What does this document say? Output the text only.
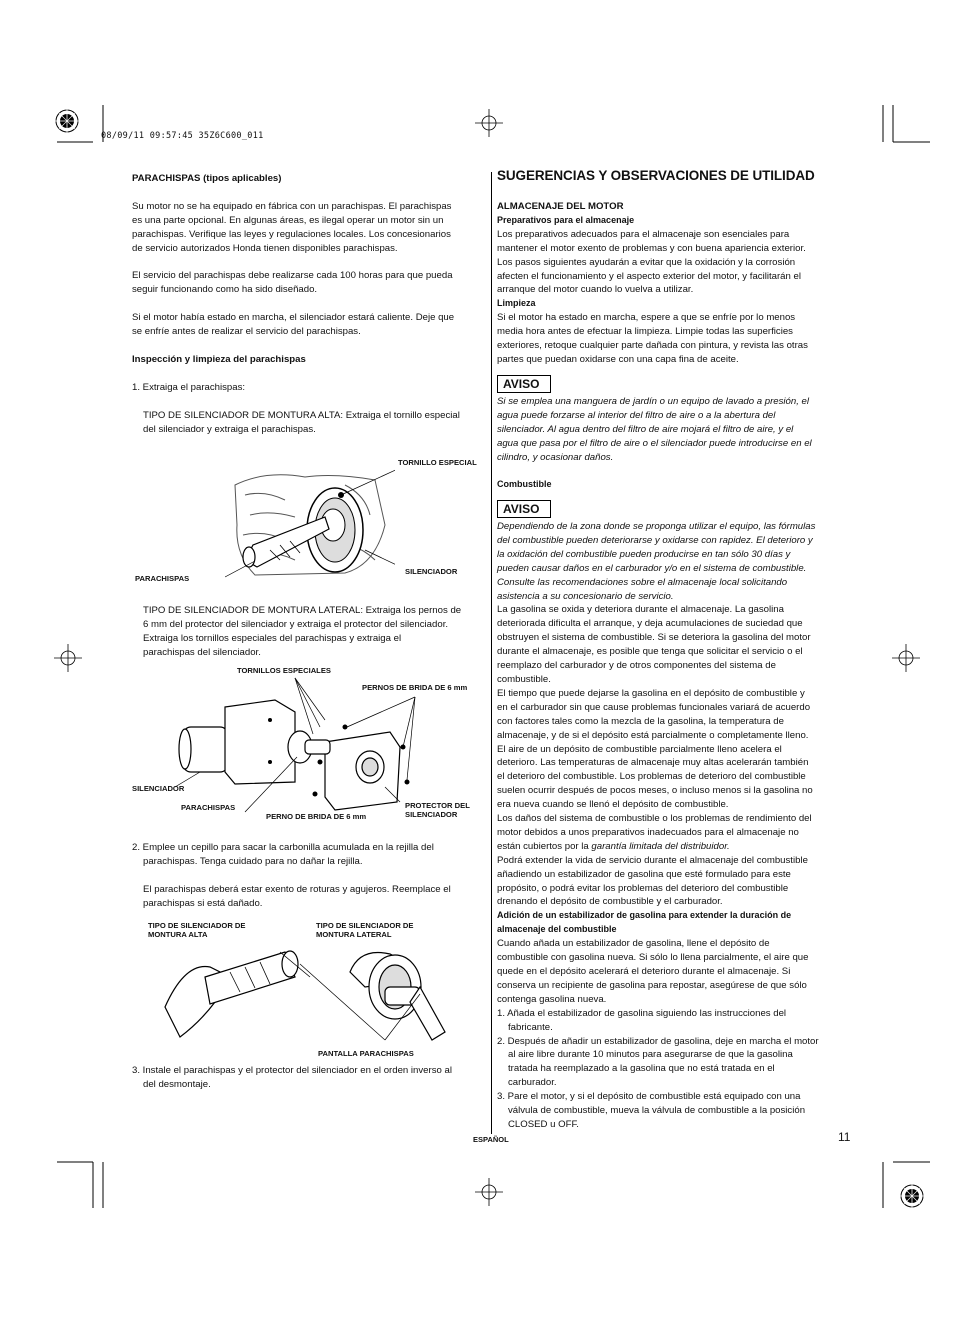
08/09/11 09:57:45 35Z6C600_011

PARACHISPAS (tipos aplicables)

Su motor no se ha equipado en fábrica con un parachispas. El parachispas

es una parte opcional. En algunas áreas, es ilegal operar un motor sin un

parachispas. Verifique las leyes y regulaciones locales. Los concesionarios

de servicio autorizados Honda tienen disponibles parachispas.

El servicio del parachispas debe realizarse cada 100 horas para que pueda

seguir funcionando como ha sido diseñado.

Si el motor había estado en marcha, el silenciador estará caliente. Deje que

se enfríe antes de realizar el servicio del parachispas.

Inspección y limpieza del parachispas
1. Extraiga el parachispas:

TIPO DE SILENCIADOR DE MONTURA ALTA: Extraiga el tornillo especial

del silenciador y extraiga el parachispas.

TORNILLO ESPECIAL
PARACHISPAS
SILENCIADOR

TIPO DE SILENCIADOR DE MONTURA LATERAL: Extraiga los pernos de

6 mm del protector del silenciador y extraiga el protector del silenciador.

Extraiga los tornillos especiales del parachispas y extraiga el

parachispas del silenciador.

TORNILLOS ESPECIALES
PERNOS DE BRIDA DE 6 mm
SILENCIADOR
PARACHISPAS
PERNO DE BRIDA DE 6 mm
PROTECTOR DEL
SILENCIADOR

2. Emplee un cepillo para sacar la carbonilla acumulada en la rejilla del

parachispas. Tenga cuidado para no dañar la rejilla.

El parachispas deberá estar exento de roturas y agujeros. Reemplace el

parachispas si está dañado.

TIPO DE SILENCIADOR DE
MONTURA ALTA
TIPO DE SILENCIADOR DE
MONTURA LATERAL
PANTALLA PARACHISPAS

3. Instale el parachispas y el protector del silenciador en el orden inverso al

del desmontaje.

SUGERENCIAS Y OBSERVACIONES DE UTILIDAD

ALMACENAJE DEL MOTOR

Preparativos para el almacenaje

Los preparativos adecuados para el almacenaje son esenciales para

mantener el motor exento de problemas y con buena apariencia exterior.

Los pasos siguientes ayudarán a evitar que la oxidación y la corrosión

afecten el funcionamiento y el aspecto exterior del motor, y facilitarán el

arranque del motor cuando lo vuelva a utilizar.

Limpieza

Si el motor ha estado en marcha, espere a que se enfríe por lo menos

media hora antes de efectuar la limpieza. Limpie todas las superficies

exteriores, retoque cualquier parte dañada con pintura, y revista las otras

partes que puedan oxidarse con una capa fina de aceite.

AVISO

Si se emplea una manguera de jardín o un equipo de lavado a presión, el

agua puede forzarse al interior del filtro de aire o a la abertura del

silenciador. Al agua dentro del filtro de aire mojará el filtro de aire, y el

agua que pasa por el filtro de aire o el silenciador puede introducirse en el

cilindro, y ocasionar daños.

Combustible
AVISO

Dependiendo de la zona donde se proponga utilizar el equipo, las fórmulas

del combustible pueden deteriorarse y oxidarse con rapidez. El deterioro y

la oxidación del combustible pueden producirse en tan sólo 30 días y

pueden causar daños en el carburador y/o en el sistema de combustible.

Consulte las recomendaciones sobre el almacenaje local solicitando

asistencia a su concesionario de servicio.

La gasolina se oxida y deteriora durante el almacenaje. La gasolina

deteriorada dificulta el arranque, y deja acumulaciones de suciedad que

obstruyen el sistema de combustible. Si se deteriora la gasolina del motor

durante el almacenaje, es posible que tenga que solicitar el servicio o el

reemplazo del carburador y de otros componentes del sistema de

combustible.

El tiempo que puede dejarse la gasolina en el depósito de combustible y

en el carburador sin que cause problemas funcionales variará de acuerdo

con factores tales como la mezcla de la gasolina, la temperatura de

almacenaje, y de si el depósito está parcialmente o completamente lleno.

El aire de un depósito de combustible parcialmente lleno acelera el

deterioro. Las temperaturas de almacenaje muy altas acelerarán también

el deterioro del combustible. Los problemas de deterioro del combustible

suelen ocurrir después de pocos meses, o incluso menos si la gasolina no

era nueva cuando se llenó el depósito de combustible.

Los daños del sistema de combustible o los problemas de rendimiento del

motor debidos a unos preparativos inadecuados para el almacenaje no

están cubiertos por la garantía limitada del distribuidor.

Podrá extender la vida de servicio durante el almacenaje del combustible

añadiendo un estabilizador de gasolina que esté formulado para este

propósito, o podrá evitar los problemas del deterioro del combustible

drenando el depósito de combustible y el carburador.

Adición de un estabilizador de gasolina para extender la duración de

almacenaje del combustible

Cuando añada un estabilizador de gasolina, llene el depósito de

combustible con gasolina nueva. Si sólo lo llena parcialmente, el aire que

quede en el depósito acelerará el deterioro durante el almacenaje. Si

conserva un recipiente de gasolina para repostar, asegúrese de que sólo

contenga gasolina nueva.

1. Añada el estabilizador de gasolina siguiendo las instrucciones del

fabricante.

2. Después de añadir un estabilizador de gasolina, deje en marcha el motor

al aire libre durante 10 minutos para asegurarse de que la gasolina

tratada ha reemplazado a la gasolina que no está tratada en el

carburador.

3. Pare el motor, y si el depósito de combustible está equipado con una

válvula de combustible, mueva la válvula de combustible a la posición

CLOSED u OFF.

ESPAÑOL	11
